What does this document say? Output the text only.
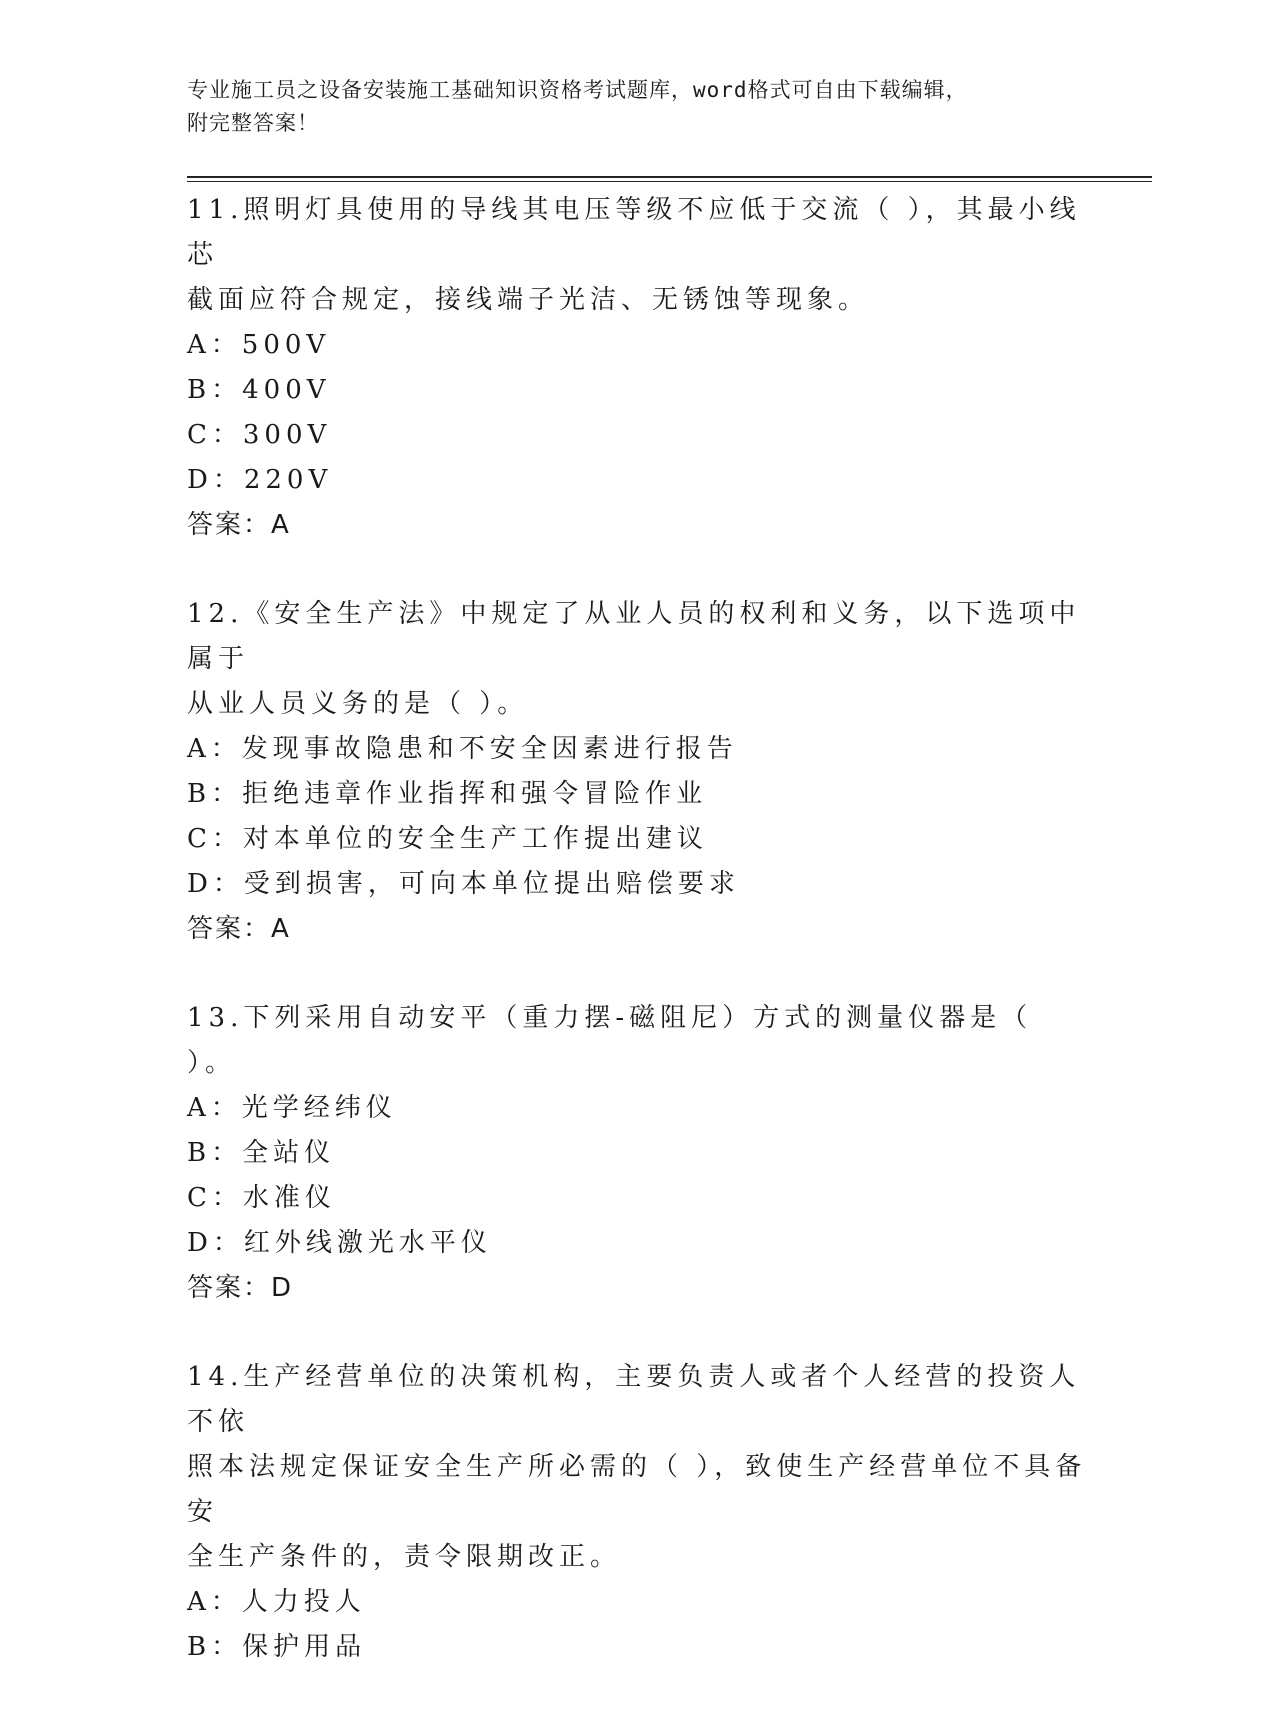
专业施工员之设备安装施工基础知识资格考试题库，word格式可自由下载编辑，
附完整答案！

11.照明灯具使用的导线其电压等级不应低于交流（ ），其最小线芯

截面应符合规定，接线端子光洁、无锈蚀等现象。

A：500V

B：400V

C：300V

D：220V

答案：A

12.《安全生产法》中规定了从业人员的权利和义务，以下选项中属于

从业人员义务的是（ ）。

A：发现事故隐患和不安全因素进行报告

B：拒绝违章作业指挥和强令冒险作业

C：对本单位的安全生产工作提出建议

D：受到损害，可向本单位提出赔偿要求

答案：A

13.下列采用自动安平（重力摆-磁阻尼）方式的测量仪器是（ ）。

A：光学经纬仪

B：全站仪

C：水准仪

D：红外线激光水平仪

答案：D

14.生产经营单位的决策机构，主要负责人或者个人经营的投资人不依

照本法规定保证安全生产所必需的（ ），致使生产经营单位不具备安

全生产条件的，责令限期改正。

A：人力投人

B：保护用品
